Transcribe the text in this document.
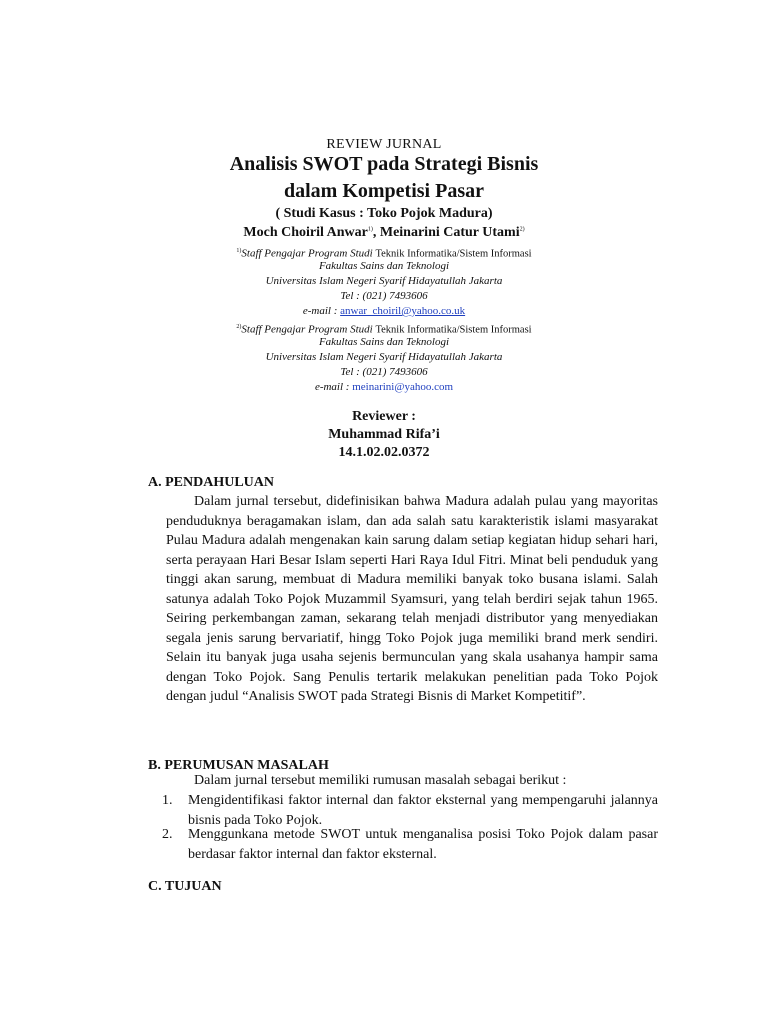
REVIEW JURNAL
Analisis SWOT pada Strategi Bisnis
dalam Kompetisi Pasar
( Studi Kasus : Toko Pojok Madura)
Moch Choiril Anwar$^{1)}$, Meinarini Catur Utami$^{2)}$
$^{1)}$Staff Pengajar Program Studi Teknik Informatika/Sistem Informasi
Fakultas Sains dan Teknologi
Universitas Islam Negeri Syarif Hidayatullah Jakarta
Tel : (021) 7493606
e-mail : anwar_choiril@yahoo.co.uk
$^{2)}$Staff Pengajar Program Studi Teknik Informatika/Sistem Informasi
Fakultas Sains dan Teknologi
Universitas Islam Negeri Syarif Hidayatullah Jakarta
Tel : (021) 7493606
e-mail : meinarini@yahoo.com
Reviewer :
Muhammad Rifa’i
14.1.02.02.0372
A. PENDAHULUAN

Dalam jurnal tersebut, didefinisikan bahwa Madura adalah pulau yang mayoritas penduduknya beragamakan islam, dan ada salah satu karakteristik islami masyarakat Pulau Madura adalah mengenakan kain sarung dalam setiap kegiatan hidup sehari hari, serta perayaan Hari Besar Islam seperti Hari Raya Idul Fitri. Minat beli penduduk yang tinggi akan sarung, membuat di Madura memiliki banyak toko busana islami. Salah satunya adalah Toko Pojok Muzammil Syamsuri, yang telah berdiri sejak tahun 1965. Seiring perkembangan zaman, sekarang telah menjadi distributor yang menyediakan segala jenis sarung bervariatif, hingg Toko Pojok juga memiliki brand merk sendiri. Selain itu banyak juga usaha sejenis bermunculan yang skala usahanya hampir sama dengan Toko Pojok. Sang Penulis tertarik melakukan penelitian pada Toko Pojok dengan judul “Analisis SWOT pada Strategi Bisnis di Market Kompetitif”.

B. PERUMUSAN MASALAH
Dalam jurnal tersebut memiliki rumusan masalah sebagai berikut :
1. Mengidentifikasi faktor internal dan faktor eksternal yang mempengaruhi jalannya bisnis pada Toko Pojok.
2. Menggunkana metode SWOT untuk menganalisa posisi Toko Pojok dalam pasar berdasar faktor internal dan faktor eksternal.
C. TUJUAN
